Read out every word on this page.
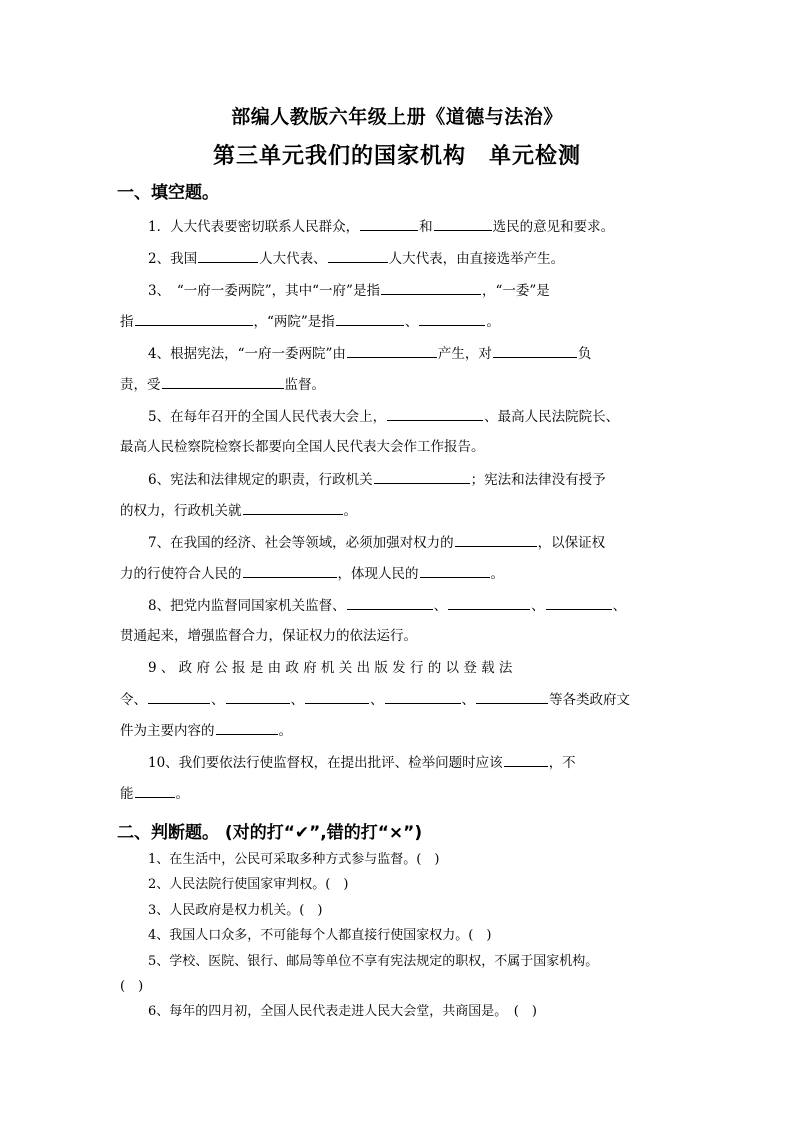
部编人教版六年级上册《道德与法治》
第三单元我们的国家机构　单元检测
一、填空题。
1．人大代表要密切联系人民群众，	和	选民的意见和要求。
2、我国	人大代表、	人大代表，由直接选举产生。
3、　“一府一委两院”，其中“一府”是指	，“一委”是
指	，“两院”是指	、	。
4、根据宪法，“一府一委两院”由	产生，对	负
责，受	监督。
5、在每年召开的全国人民代表大会上，	、最高人民法院院长、
最高人民检察院检察长都要向全国人民代表大会作工作报告。
6、宪法和法律规定的职责，行政机关	；宪法和法律没有授予
的权力，行政机关就	。
7、在我国的经济、社会等领域，必须加强对权力的	，以保证权
力的行使符合人民的	，体现人民的	。
8、把党内监督同国家机关监督、	、	、	、
贯通起来，增强监督合力，保证权力的依法运行。
9 、 政 府 公 报 是 由 政 府 机 关 出 版 发 行 的 以 登 载 法
令、	、	、	、	、	等各类政府文
件为主要内容的	。
10、我们要依法行使监督权，在提出批评、检举问题时应该	，不
能	。
二、判断题。 (对的打“✔”,错的打“×”)
1、在生活中，公民可采取多种方式参与监督。(　)
2、人民法院行使国家审判权。(　)
3、人民政府是权力机关。(　)
4、我国人口众多，不可能每个人都直接行使国家权力。(　)
5、学校、医院、银行、邮局等单位不享有宪法规定的职权，不属于国家机构。
(　)
6、每年的四月初，全国人民代表走进人民大会堂，共商国是。　(　)
